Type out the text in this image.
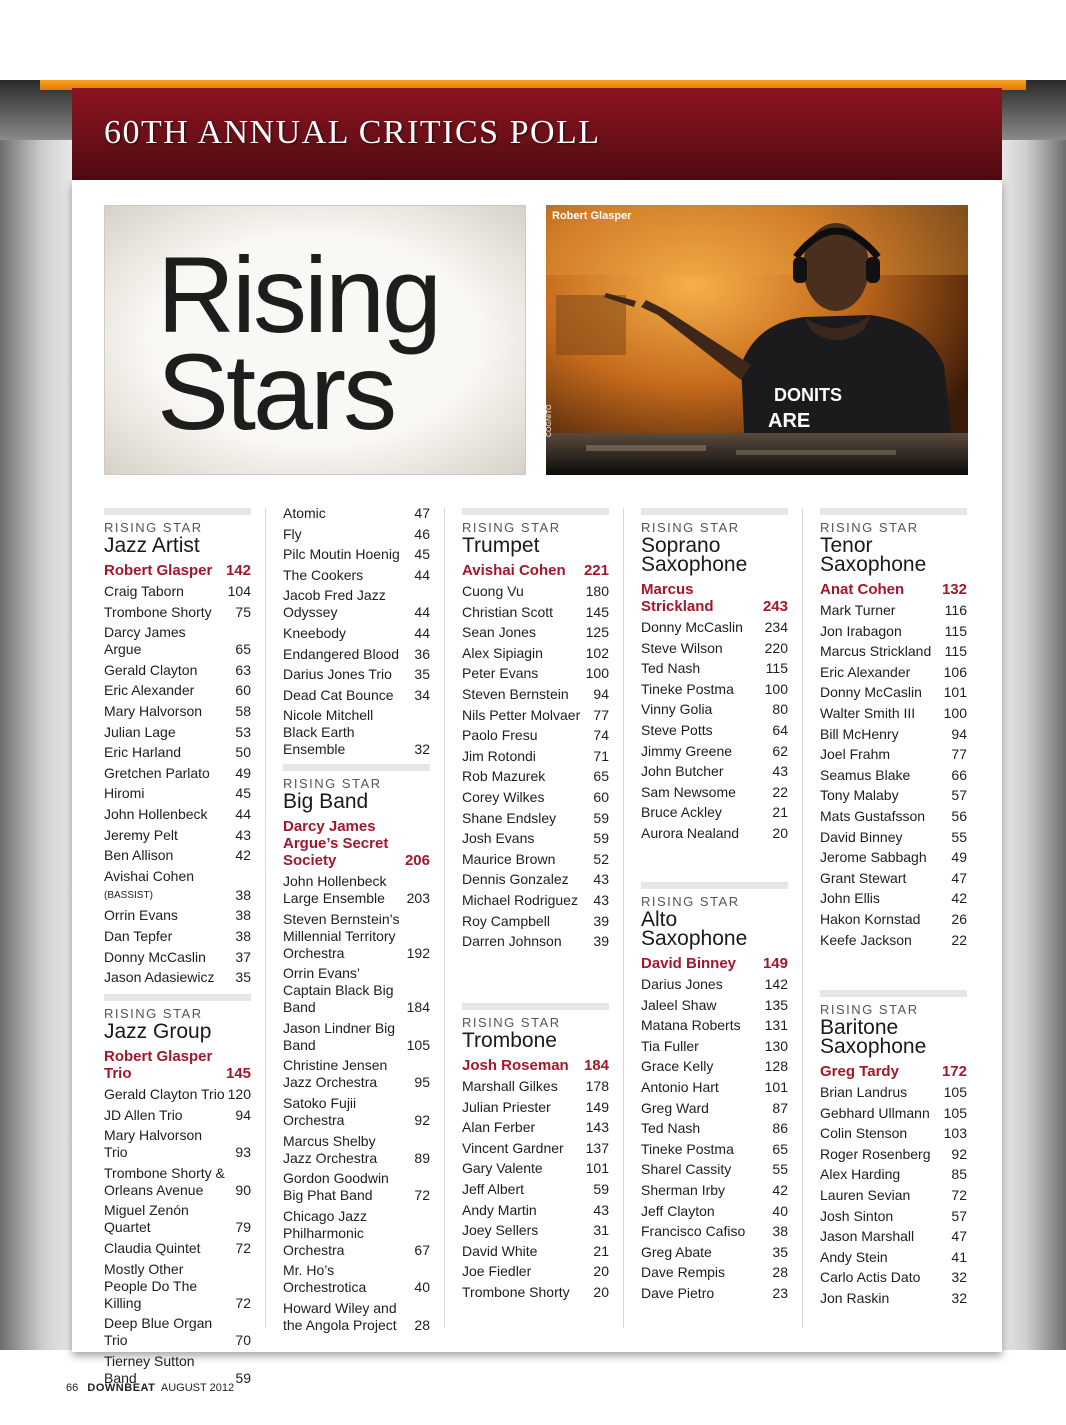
60TH ANNUAL CRITICS POLL
Rising
Stars	DONITS
ARE
Robert Glasper
COGNITO
RISING STAR
Jazz Artist
Robert Glasper 142
Craig Taborn	104
Trombone Shorty 75
Darcy James Argue	65
Gerald Clayton	63
Eric Alexander	60
Mary Halvorson 58
Julian Lage	53
Eric Harland	50
Gretchen Parlato 49
Hiromi	45
John Hollenbeck 44
Jeremy Pelt	43
Ben Allison	42
Avishai Cohen
(BASSIST)	38
Orrin Evans	38
Dan Tepfer	38
Donny McCaslin 37
Jason Adasiewicz 35
RISING STAR
Jazz Group
Robert Glasper Trio	145
Gerald Clayton Trio 120
JD Allen Trio	94
Mary Halvorson Trio	93
Trombone Shorty & Orleans Avenue 90
Miguel Zenón Quartet	79
Claudia Quintet 72
Mostly Other People Do The Killing	72
Deep Blue Organ Trio	70
Tierney Sutton Band	59
Atomic	47
Fly	46
Pilc Moutin Hoenig 45
The Cookers	44
Jacob Fred Jazz Odyssey	44
Kneebody	44
Endangered Blood 36
Darius Jones Trio 35
Dead Cat Bounce 34
Nicole Mitchell Black Earth Ensemble	32
RISING STAR
Big Band
Darcy James Argue’s Secret Society	206
John Hollenbeck Large Ensemble 203
Steven Bernstein’s Millennial Territory Orchestra	192
Orrin Evans’ Captain Black Big Band	184
Jason Lindner Big Band	105
Christine Jensen Jazz Orchestra	95
Satoko Fujii Orchestra	92
Marcus Shelby Jazz Orchestra	89
Gordon Goodwin Big Phat Band	72
Chicago Jazz Philharmonic Orchestra	67
Mr. Ho’s Orchestrotica	40
Howard Wiley and the Angola Project 28
RISING STAR
Trumpet
Avishai Cohen 221
Cuong Vu	180
Christian Scott 145
Sean Jones	125
Alex Sipiagin	102
Peter Evans	100
Steven Bernstein 94
Nils Petter Molvaer 77
Paolo Fresu	74
Jim Rotondi	71
Rob Mazurek	65
Corey Wilkes	60
Shane Endsley	59
Josh Evans	59
Maurice Brown	52
Dennis Gonzalez 43
Michael Rodriguez 43
Roy Campbell	39
Darren Johnson 39
RISING STAR
Trombone
Josh Roseman 184
Marshall Gilkes 178
Julian Priester 149
Alan Ferber	143
Vincent Gardner 137
Gary Valente	101
Jeff Albert	59
Andy Martin	43
Joey Sellers	31
David White	21
Joe Fiedler	20
Trombone Shorty 20
RISING STAR
Soprano Saxophone
Marcus Strickland	243
Donny McCaslin 234
Steve Wilson	220
Ted Nash	115
Tineke Postma 100
Vinny Golia	80
Steve Potts	64
Jimmy Greene	62
John Butcher	43
Sam Newsome	22
Bruce Ackley	21
Aurora Nealand 20
RISING STAR
Alto Saxophone
David Binney 149
Darius Jones	142
Jaleel Shaw	135
Matana Roberts 131
Tia Fuller	130
Grace Kelly	128
Antonio Hart	101
Greg Ward	87
Ted Nash	86
Tineke Postma	65
Sharel Cassity	55
Sherman Irby	42
Jeff Clayton	40
Francisco Cafiso 38
Greg Abate	35
Dave Rempis	28
Dave Pietro	23
RISING STAR
Tenor Saxophone
Anat Cohen	132
Mark Turner	116
Jon Irabagon	115
Marcus Strickland 115
Eric Alexander 106
Donny McCaslin 101
Walter Smith III 100
Bill McHenry	94
Joel Frahm	77
Seamus Blake	66
Tony Malaby	57
Mats Gustafsson 56
David Binney	55
Jerome Sabbagh 49
Grant Stewart	47
John Ellis	42
Hakon Kornstad 26
Keefe Jackson	22
RISING STAR
Baritone Saxophone
Greg Tardy	172
Brian Landrus	105
Gebhard Ullmann 105
Colin Stenson	103
Roger Rosenberg 92
Alex Harding	85
Lauren Sevian	72
Josh Sinton	57
Jason Marshall	47
Andy Stein	41
Carlo Actis Dato 32
Jon Raskin	32
66 DOWNBEAT AUGUST 2012
